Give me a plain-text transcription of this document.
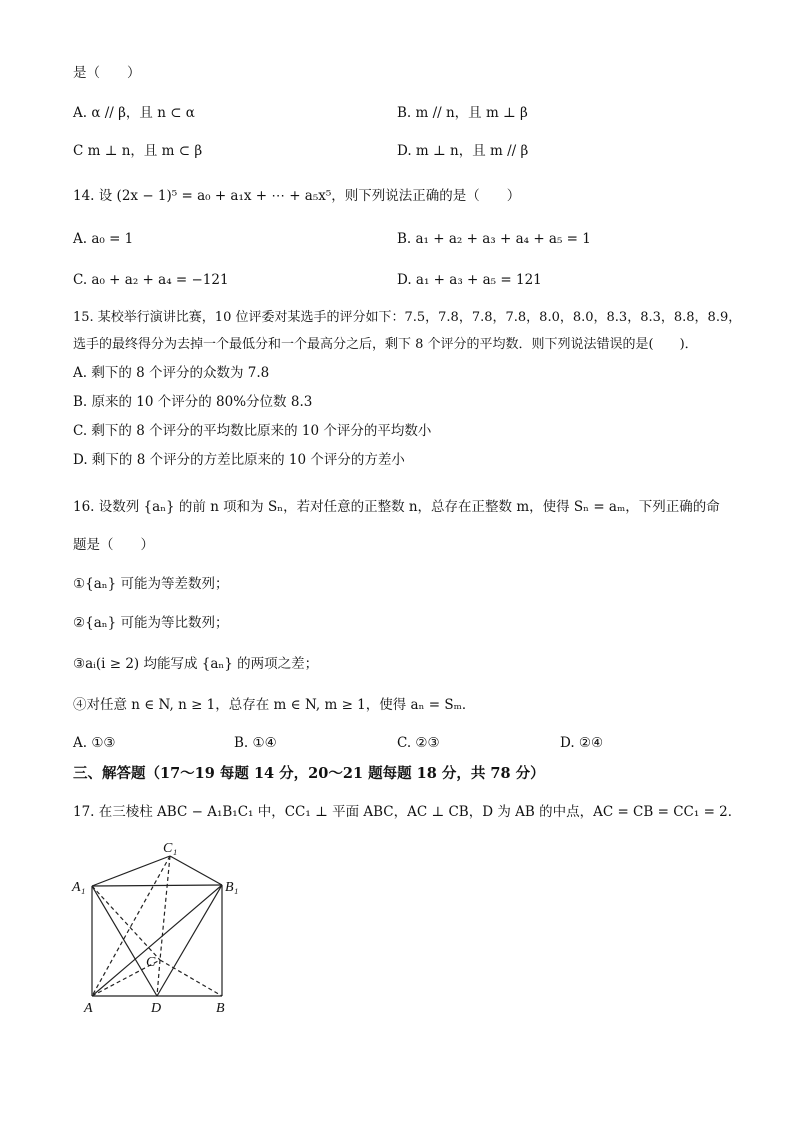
是（　　）
A. α // β，且 n ⊂ α	B. m // n，且 m ⊥ β
C m ⊥ n，且 m ⊂ β	D. m ⊥ n，且 m // β
14. 设 (2x − 1)⁵ = a₀ + a₁x + ⋯ + a₅x⁵，则下列说法正确的是（　　）
A. a₀ = 1	B. a₁ + a₂ + a₃ + a₄ + a₅ = 1
C. a₀ + a₂ + a₄ = −121	D. a₁ + a₃ + a₅ = 121
15. 某校举行演讲比赛，10 位评委对某选手的评分如下：7.5，7.8，7.8，7.8，8.0，8.0，8.3，8.3，8.8，8.9，
选手的最终得分为去掉一个最低分和一个最高分之后，剩下 8 个评分的平均数．则下列说法错误的是(　　)．
A. 剩下的 8 个评分的众数为 7.8
B. 原来的 10 个评分的 80%分位数 8.3
C. 剩下的 8 个评分的平均数比原来的 10 个评分的平均数小
D. 剩下的 8 个评分的方差比原来的 10 个评分的方差小
16. 设数列 {aₙ} 的前 n 项和为 Sₙ，若对任意的正整数 n，总存在正整数 m，使得 Sₙ = aₘ，下列正确的命
题是（　　）
①{aₙ} 可能为等差数列；
②{aₙ} 可能为等比数列；
③aᵢ(i ≥ 2) 均能写成 {aₙ} 的两项之差；
④对任意 n ∈ N, n ≥ 1，总存在 m ∈ N, m ≥ 1，使得 aₙ = Sₘ．
A. ①③	B. ①④	C. ②③	D. ②④
三、解答题（17～19 每题 14 分，20～21 题每题 18 分，共 78 分）
17. 在三棱柱 ABC − A₁B₁C₁ 中，CC₁ ⊥ 平面 ABC，AC ⊥ CB，D 为 AB 的中点，AC = CB = CC₁ = 2．
C₁
A₁	B₁
C
A	D	B
